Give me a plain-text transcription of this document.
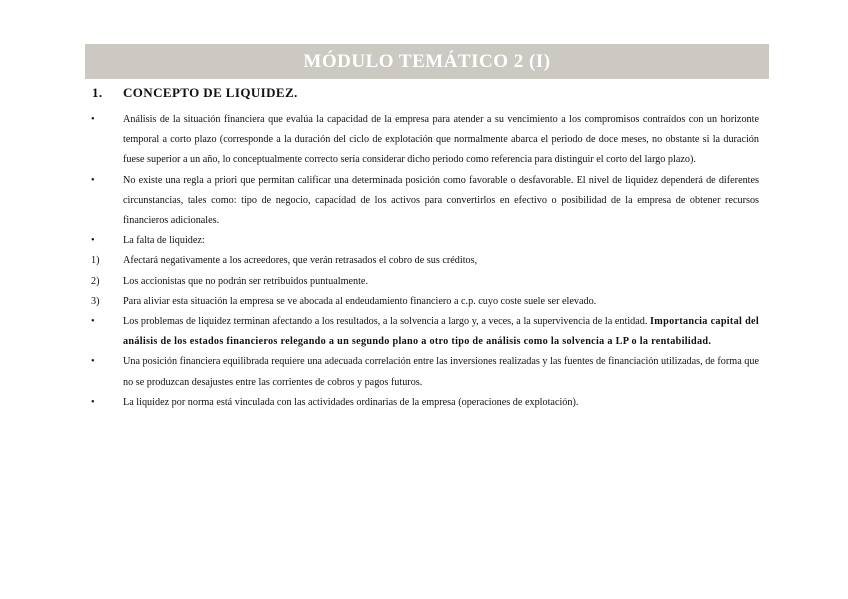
MÓDULO TEMÁTICO 2 (I)
1. CONCEPTO DE LIQUIDEZ.
•	Análisis de la situación financiera que evalúa la capacidad de la empresa para atender a su vencimiento a los compromisos contraídos con un horizonte temporal a corto plazo (corresponde a la duración del ciclo de explotación que normalmente abarca el periodo de doce meses, no obstante si la duración fuese superior a un año, lo conceptualmente correcto sería considerar dicho periodo como referencia para distinguir el corto del largo plazo).
•	No existe una regla a priori que permitan calificar una determinada posición como favorable o desfavorable. El nivel de liquidez dependerá de diferentes circunstancias, tales como: tipo de negocio, capacidad de los activos para convertirlos en efectivo o posibilidad de la empresa de obtener recursos financieros adicionales.
•	La falta de liquidez:
1)	Afectará negativamente a los acreedores, que verán retrasados el cobro de sus créditos,
2)	Los accionistas que no podrán ser retribuidos puntualmente.
3)	Para aliviar esta situación la empresa se ve abocada al endeudamiento financiero a c.p. cuyo coste suele ser elevado.
•	Los problemas de liquidez terminan afectando a los resultados, a la solvencia a largo y, a veces, a la supervivencia de la entidad. Importancia capital del análisis de los estados financieros relegando a un segundo plano a otro tipo de análisis como la solvencia a LP o la rentabilidad.
•	Una posición financiera equilibrada requiere una adecuada correlación entre las inversiones realizadas y las fuentes de financiación utilizadas, de forma que no se produzcan desajustes entre las corrientes de cobros y pagos futuros.
•	La liquidez por norma está vinculada con las actividades ordinarias de la empresa (operaciones de explotación).
